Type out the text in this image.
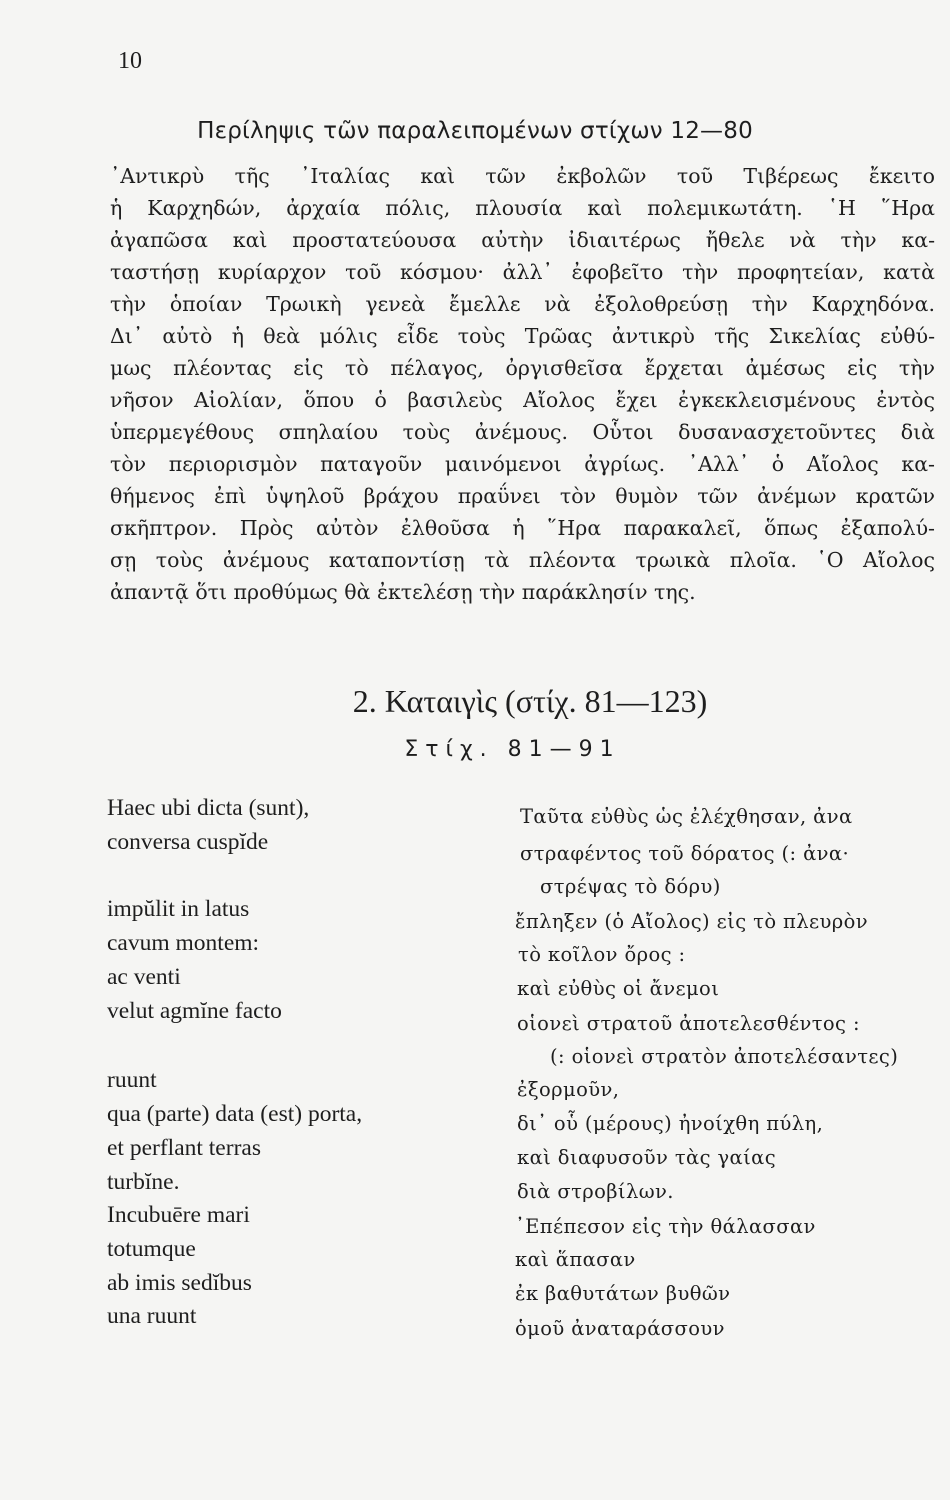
10
Περίληψις τῶν παραλειπομένων στίχων 12—80
᾿Αντικρὺ τῆς ᾿Ιταλίας καὶ τῶν ἐκβολῶν τοῦ Τιβέρεως ἔκειτο
ἡ Καρχηδών, ἀρχαία πόλις, πλουσία καὶ πολεμικωτάτη. ῾Η ῞Ηρα
ἀγαπῶσα καὶ προστατεύουσα αὐτὴν ἰδιαιτέρως ἤθελε νὰ τὴν κα-
ταστήσῃ κυρίαρχον τοῦ κόσμου· ἀλλ᾿ ἐφοβεῖτο τὴν προφητείαν, κατὰ
τὴν ὁποίαν Τρωικὴ γενεὰ ἔμελλε νὰ ἐξολοθρεύσῃ τὴν Καρχηδόνα.
Δι᾿ αὐτὸ ἡ θεὰ μόλις εἶδε τοὺς Τρῶας ἀντικρὺ τῆς Σικελίας εὐθύ-
μως πλέοντας εἰς τὸ πέλαγος, ὀργισθεῖσα ἔρχεται ἀμέσως εἰς τὴν
νῆσον Αἰολίαν, ὅπου ὁ βασιλεὺς Αἴολος ἔχει ἐγκεκλεισμένους ἐντὸς
ὑπερμεγέθους σπηλαίου τοὺς ἀνέμους. Οὗτοι δυσανασχετοῦντες διὰ
τὸν περιορισμὸν παταγοῦν μαινόμενοι ἀγρίως. ᾿Αλλ᾿ ὁ Αἴολος κα-
θήμενος ἐπὶ ὑψηλοῦ βράχου πραΰνει τὸν θυμὸν τῶν ἀνέμων κρατῶν
σκῆπτρον. Πρὸς αὐτὸν ἐλθοῦσα ἡ ῞Ηρα παρακαλεῖ, ὅπως ἐξαπολύ-
σῃ τοὺς ἀνέμους καταποντίσῃ τὰ πλέοντα τρωικὰ πλοῖα. ῾Ο Αἴολος
ἀπαντᾷ ὅτι προθύμως θὰ ἐκτελέσῃ τὴν παράκλησίν της.
2. Καταιγὶς (στίχ. 81—123)
Στίχ. 81—91
Haec ubi dicta (sunt),
conversa cuspĭde
impŭlit in latus
cavum montem:
ac venti
velut agmĭne facto
ruunt
qua (parte) data (est) porta,
et perflant terras
turbĭne.
Incubuēre mari
totumque
ab imis sedĭbus
una ruunt
Ταῦτα εὐθὺς ὡς ἐλέχθησαν, ἀνα
στραφέντος τοῦ δόρατος (: ἀνα·
στρέψας τὸ δόρυ)
ἔπληξεν (ὁ Αἴολος) εἰς τὸ πλευρὸν
τὸ κοῖλον ὄρος :
καὶ εὐθὺς οἱ ἄνεμοι
οἱονεὶ στρατοῦ ἀποτελεσθέντος :
(: οἱονεὶ στρατὸν ἀποτελέσαντες)
ἐξορμοῦν,
δι᾿ οὗ (μέρους) ἠνοίχθη πύλη,
καὶ διαφυσοῦν τὰς γαίας
διὰ στροβίλων.
᾿Επέπεσον εἰς τὴν θάλασσαν
καὶ ἅπασαν
ἐκ βαθυτάτων βυθῶν
ὁμοῦ ἀναταράσσουν
